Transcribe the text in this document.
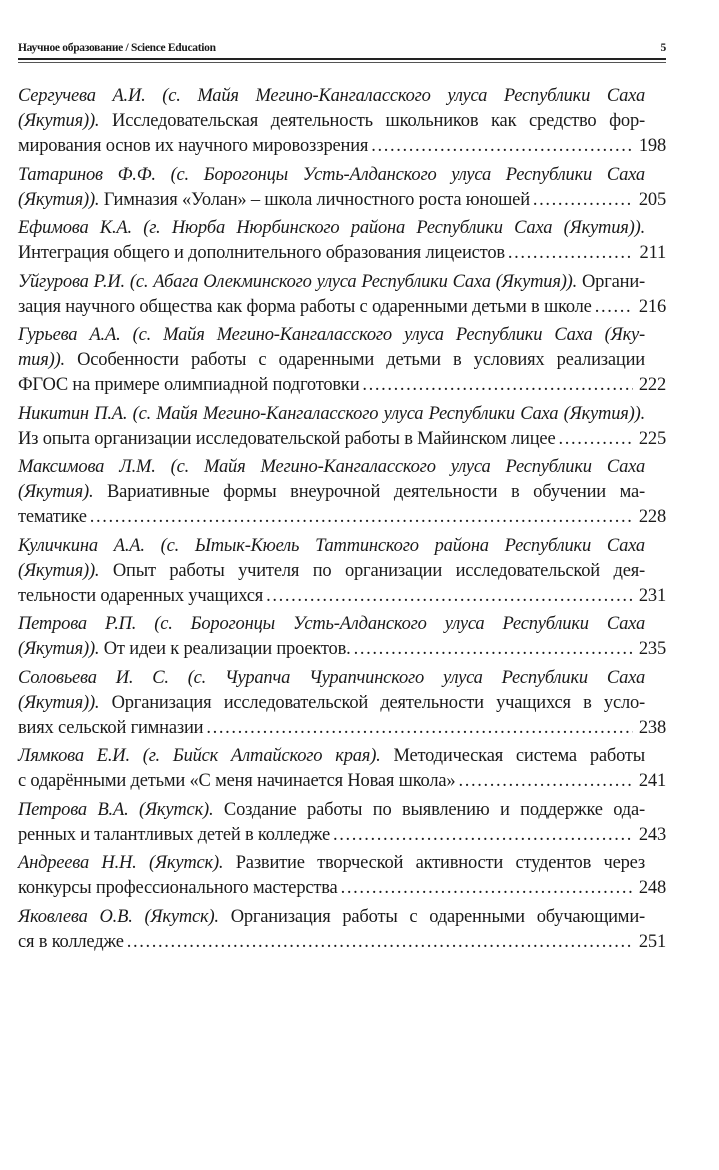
Научное образование / Science Education	5
Сергучева А.И. (с. Майя Мегино-Кангаласского улуса Республики Саха
(Якутия)). Исследовательская деятельность школьников как средство фор-
мирования основ их научного мировоззрения . . .	198
Татаринов Ф.Ф. (с. Борогонцы Усть-Алданского улуса Республики Саха
(Якутия)). Гимназия «Уолан» – школа личностного роста юношей . . .	205
Ефимова К.А. (г. Нюрба Нюрбинского района Республики Саха (Якутия)).
Интеграция общего и дополнительного образования лицеистов . . .	211
Уйгурова Р.И. (с. Абага Олекминского улуса Республики Саха (Якутия)). Органи-
зация научного общества как форма работы с одаренными детьми в школе . . .	216
Гурьева А.А. (с. Майя Мегино-Кангаласского улуса Республики Саха (Яку-
тия)). Особенности работы с одаренными детьми в условиях реализации
ФГОС на примере олимпиадной подготовки . . .	222
Никитин П.А. (с. Майя Мегино-Кангаласского улуса Республики Саха (Якутия)).
Из опыта организации исследовательской работы в Майинском лицее . . .	225
Максимова Л.М. (с. Майя Мегино-Кангаласского улуса Республики Саха
(Якутия). Вариативные формы внеурочной деятельности в обучении ма-
тематике . . .	228
Куличкина А.А. (с. Ытык-Кюель Таттинского района Республики Саха
(Якутия)). Опыт работы учителя по организации исследовательской дея-
тельности одаренных учащихся . . .	231
Петрова Р.П. (с. Борогонцы Усть-Алданского улуса Республики Саха
(Якутия)). От идеи к реализации проектов. . . .	235
Соловьева И. С. (с. Чурапча Чурапчинского улуса Республики Саха
(Якутия)). Организация исследовательской деятельности учащихся в усло-
виях сельской гимназии . . .	238
Лямкова Е.И. (г. Бийск Алтайского края). Методическая система работы
с одарёнными детьми «С меня начинается Новая школа» . . .	241
Петрова В.А. (Якутск). Создание работы по выявлению и поддержке ода-
ренных и талантливых детей в колледже . . .	243
Андреева Н.Н. (Якутск). Развитие творческой активности студентов через
конкурсы профессионального мастерства . . .	248
Яковлева О.В. (Якутск). Организация работы с одаренными обучающими-
ся в колледже . . .	251
